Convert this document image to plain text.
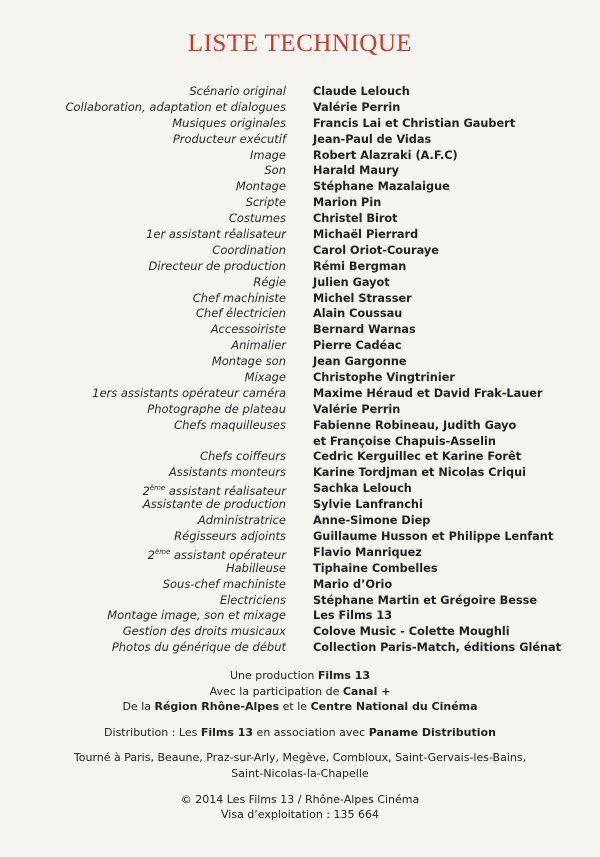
LISTE TECHNIQUE
Scénario original Claude Lelouch
Collaboration, adaptation et dialogues Valérie Perrin
Musiques originales Francis Lai et Christian Gaubert
Producteur exécutif Jean-Paul de Vidas
Image Robert Alazraki (A.F.C)
Son Harald Maury
Montage Stéphane Mazalaigue
Scripte Marion Pin
Costumes Christel Birot
1er assistant réalisateur Michaël Pierrard
Coordination Carol Oriot-Couraye
Directeur de production Rémi Bergman
Régie Julien Gayot
Chef machiniste Michel Strasser
Chef électricien Alain Coussau
Accessoiriste Bernard Warnas
Animalier Pierre Cadéac
Montage son Jean Gargonne
Mixage Christophe Vingtrinier
1ers assistants opérateur caméra Maxime Héraud et David Frak-Lauer
Photographe de plateau Valérie Perrin
Chefs maquilleuses Fabienne Robineau, Judith Gayo
et Françoise Chapuis-Asselin
Chefs coiffeurs Cedric Kerguillec et Karine Forêt
Assistants monteurs Karine Tordjman et Nicolas Criqui
2ème assistant réalisateur Sachka Lelouch
Assistante de production Sylvie Lanfranchi
Administratrice Anne-Simone Diep
Régisseurs adjoints Guillaume Husson et Philippe Lenfant
2ème assistant opérateur Flavio Manriquez
Habilleuse Tiphaine Combelles
Sous-chef machiniste Mario d’Orio
Electriciens Stéphane Martin et Grégoire Besse
Montage image, son et mixage Les Films 13
Gestion des droits musicaux Colove Music - Colette Moughli
Photos du générique de début Collection Paris-Match, éditions Glénat
Une production Films 13
Avec la participation de Canal +
De la Région Rhône-Alpes et le Centre National du Cinéma
Distribution : Les Films 13 en association avec Paname Distribution
Tourné à Paris, Beaune, Praz-sur-Arly, Megève, Combloux, Saint-Gervais-les-Bains,
Saint-Nicolas-la-Chapelle
© 2014 Les Films 13 / Rhône-Alpes Cinéma
Visa d’exploitation : 135 664
